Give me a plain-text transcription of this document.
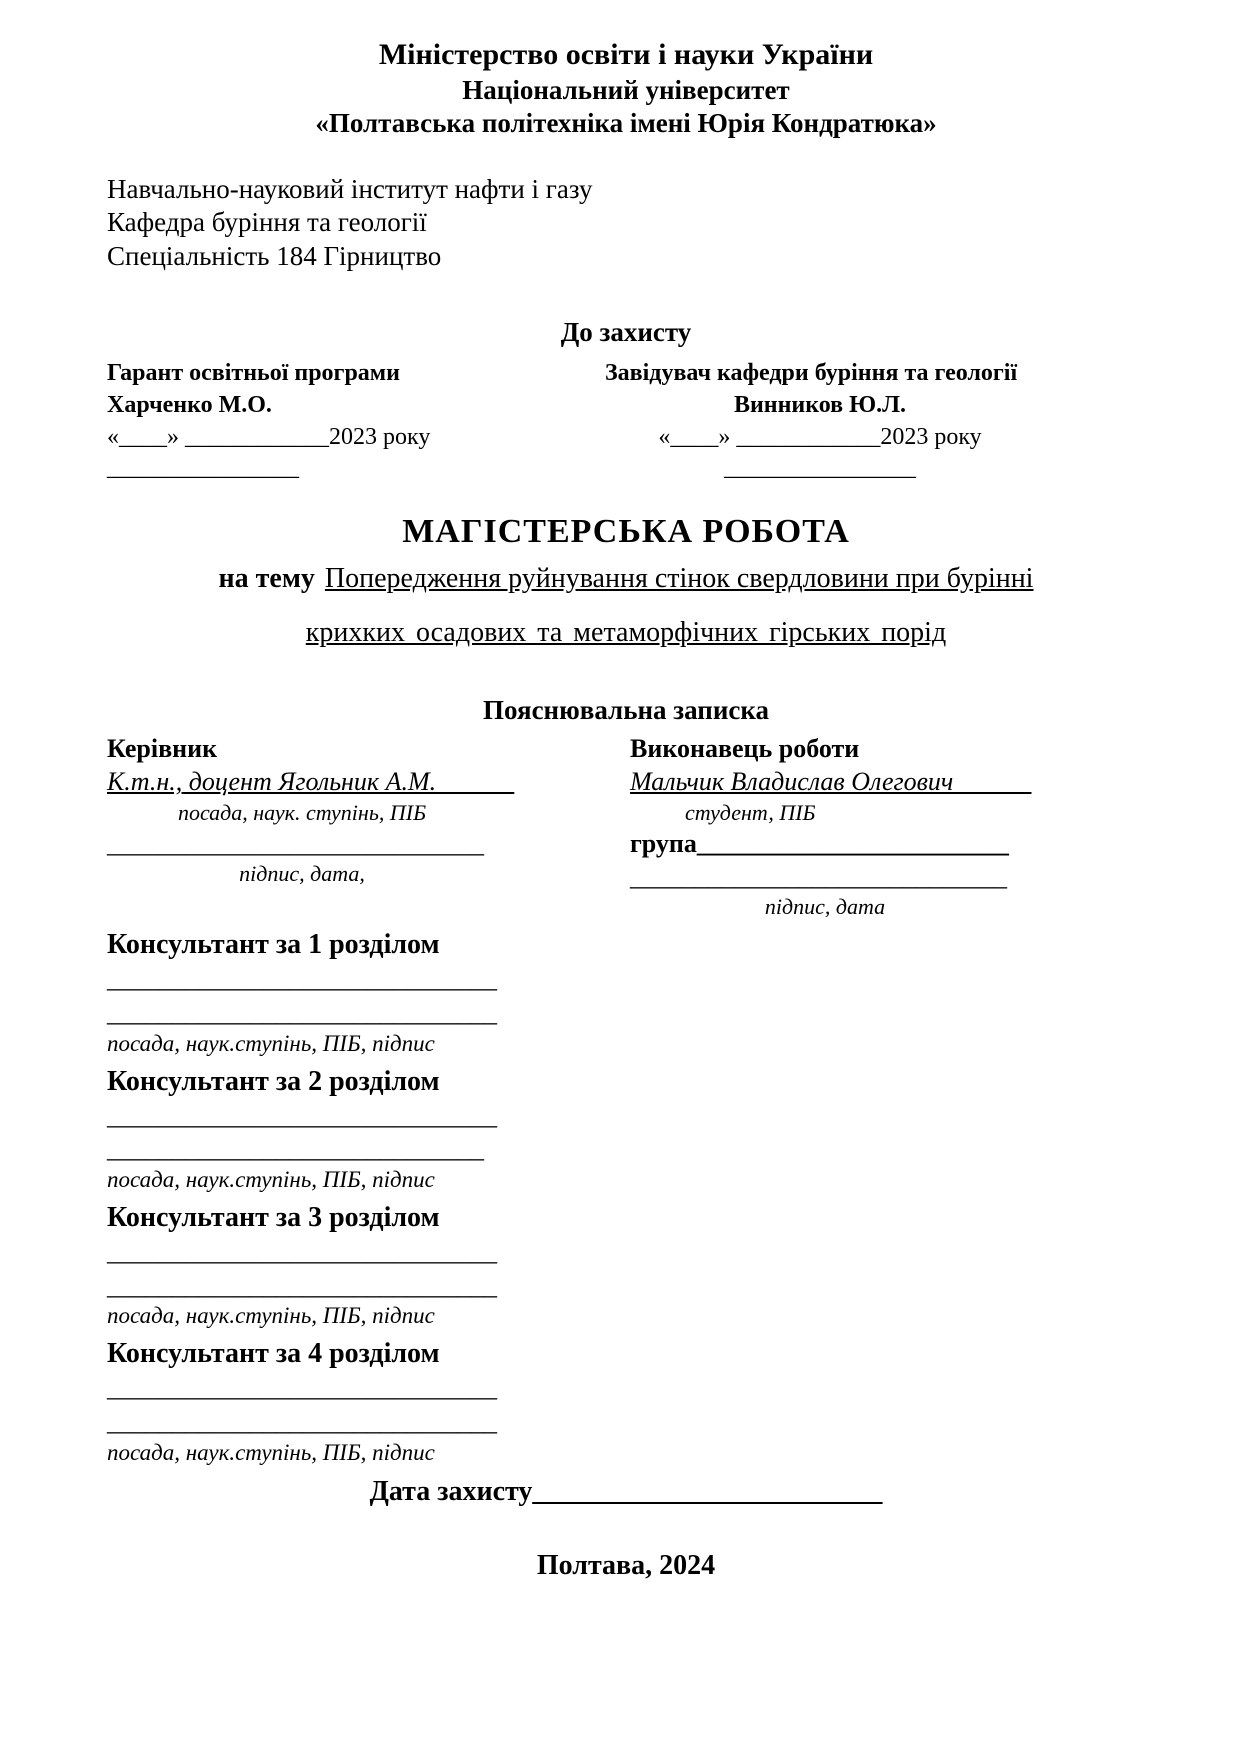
Міністерство освіти і науки України
Національний університет
«Полтавська політехніка імені Юрія Кондратюка»
Навчально-науковий інститут нафти і газу
Кафедра буріння та геології
Спеціальність 184 Гірництво
До захисту
Гарант освітньої програми
Харченко М.О.
«____» ____________2023 року
________________
Завідувач кафедри буріння та геології
Винников Ю.Л.
«____» ____________2023 року
________________
МАГІСТЕРСЬКА РОБОТА
на тему Попередження руйнування стінок свердловини при бурінні
крихких осадових та метаморфічних гірських порід
Пояснювальна записка
Керівник
К.т.н., доцент Ягольник А.М.______
посада, наук. ступінь, ПІБ
_____________________________
підпис, дата,
Виконавець роботи
Мальчик Владислав Олегович______
студент, ПІБ
група________________________
_____________________________
підпис, дата
Консультант за 1 розділом
______________________________
______________________________
посада, наук.ступінь, ПІБ, підпис
Консультант за 2 розділом
______________________________
_____________________________
посада, наук.ступінь, ПІБ, підпис
Консультант за 3 розділом
______________________________
______________________________
посада, наук.ступінь, ПІБ, підпис
Консультант за 4 розділом
______________________________
______________________________
посада, наук.ступінь, ПІБ, підпис
Дата захисту_________________________
Полтава, 2024
